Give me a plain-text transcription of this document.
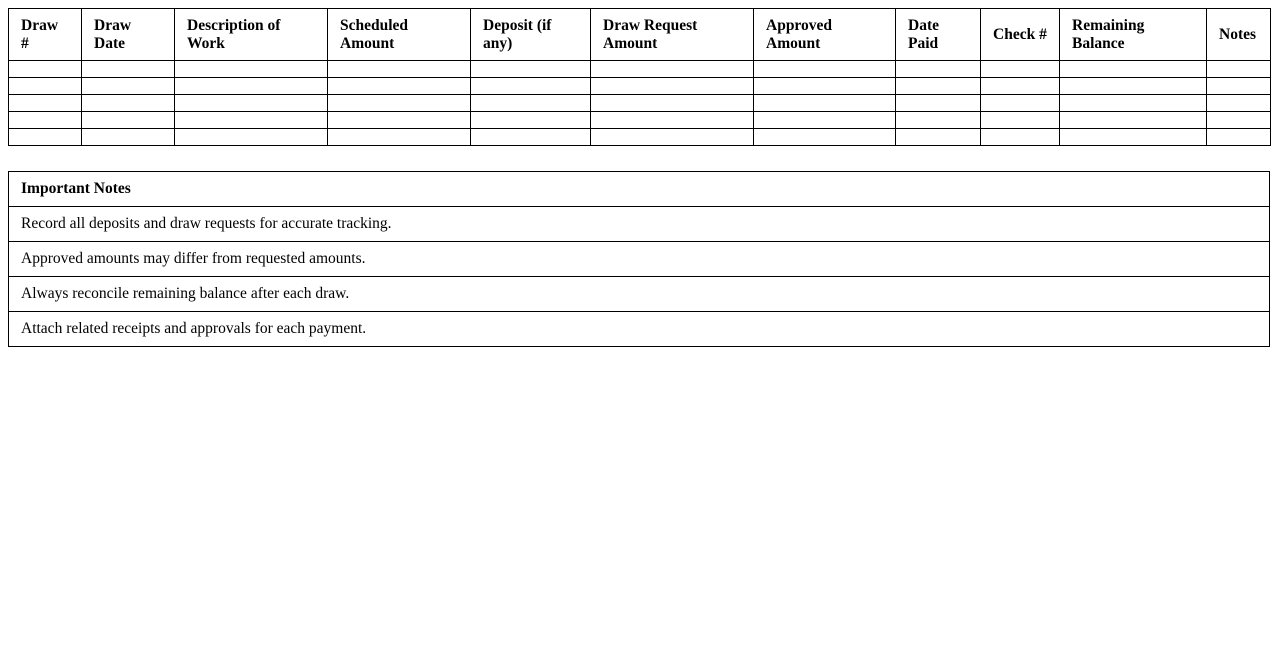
Draw #	Draw Date	Description of Work	Scheduled Amount	Deposit (if any)	Draw Request Amount	Approved Amount	Date Paid	Check #	Remaining Balance	Notes

Important Notes
Record all deposits and draw requests for accurate tracking.
Approved amounts may differ from requested amounts.
Always reconcile remaining balance after each draw.
Attach related receipts and approvals for each payment.
